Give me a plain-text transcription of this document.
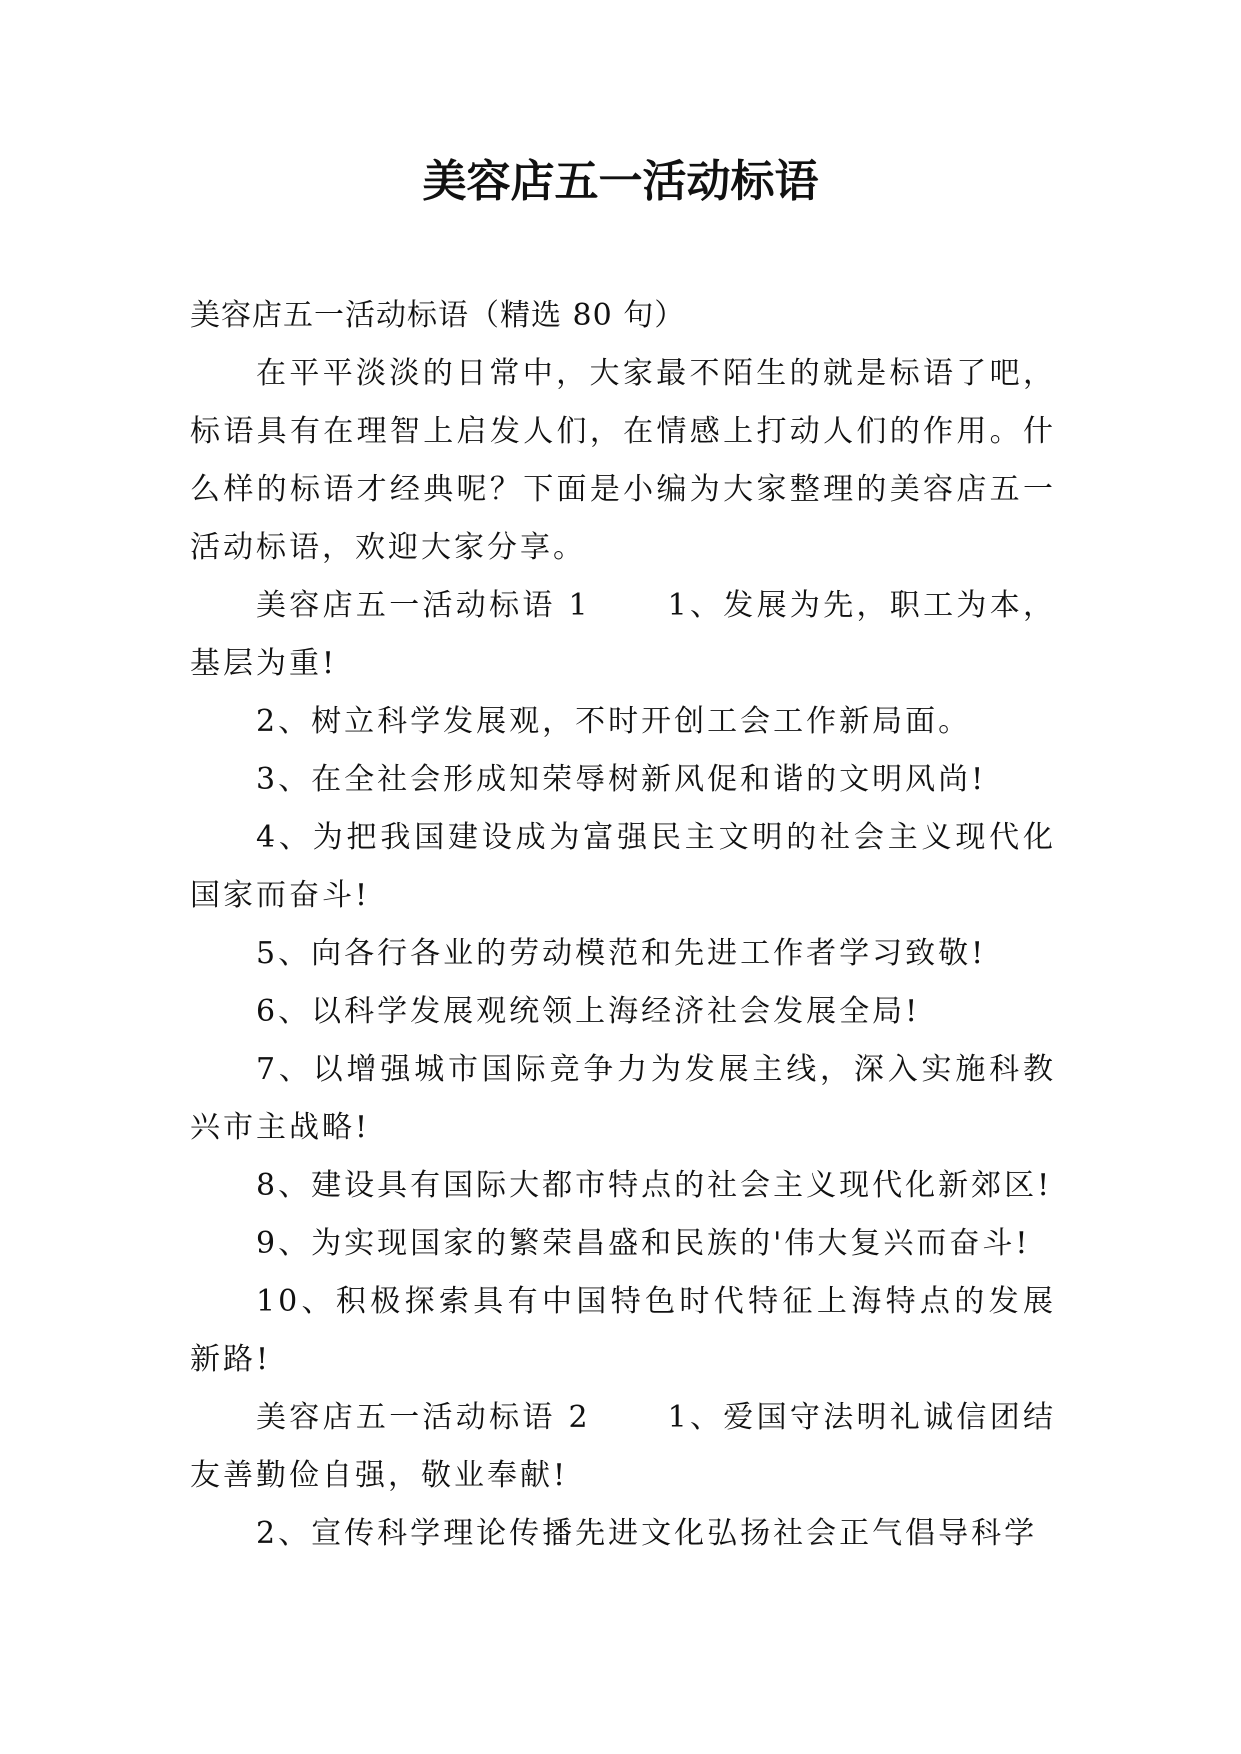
美容店五一活动标语

美容店五一活动标语（精选 80 句）

在平平淡淡的日常中，大家最不陌生的就是标语了吧，标语具有在理智上启发人们，在情感上打动人们的作用。什么样的标语才经典呢？下面是小编为大家整理的美容店五一活动标语，欢迎大家分享。

美容店五一活动标语 1      1、发展为先，职工为本，基层为重!

2、树立科学发展观，不时开创工会工作新局面。

3、在全社会形成知荣辱树新风促和谐的文明风尚!

4、为把我国建设成为富强民主文明的社会主义现代化国家而奋斗!

5、向各行各业的劳动模范和先进工作者学习致敬!

6、以科学发展观统领上海经济社会发展全局!

7、以增强城市国际竞争力为发展主线，深入实施科教兴市主战略!

8、建设具有国际大都市特点的社会主义现代化新郊区!

9、为实现国家的繁荣昌盛和民族的'伟大复兴而奋斗!

10、积极探索具有中国特色时代特征上海特点的发展新路!

美容店五一活动标语 2      1、爱国守法明礼诚信团结友善勤俭自强，敬业奉献!

2、宣传科学理论传播先进文化弘扬社会正气倡导科学
